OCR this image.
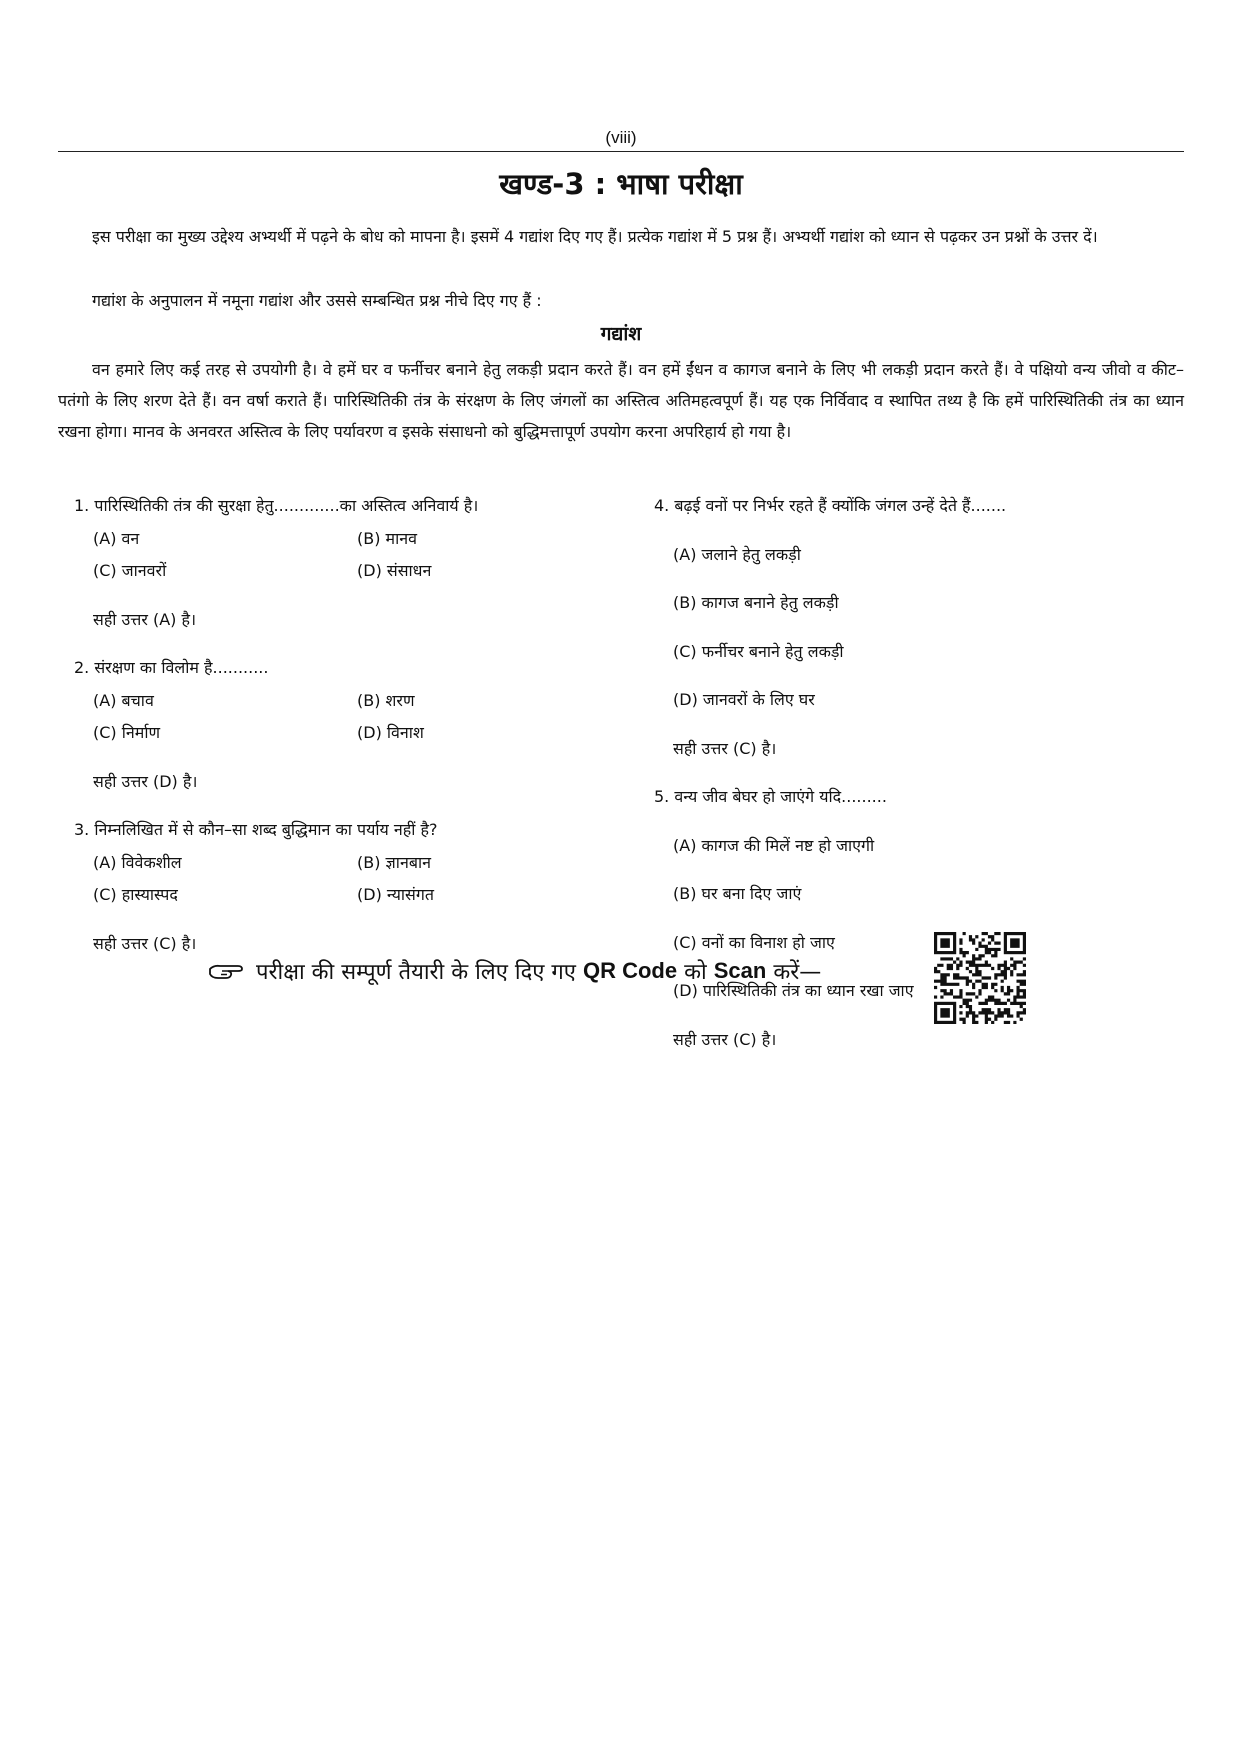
(viii)
खण्ड-3 : भाषा परीक्षा

इस परीक्षा का मुख्य उद्देश्य अभ्यर्थी में पढ़ने के बोध को मापना है। इसमें 4 गद्यांश दिए गए हैं। प्रत्येक गद्यांश में 5 प्रश्न हैं। अभ्यर्थी गद्यांश को ध्यान से पढ़कर उन प्रश्नों के उत्तर दें।

गद्यांश के अनुपालन में नमूना गद्यांश और उससे सम्बन्धित प्रश्न नीचे दिए गए हैं :

गद्यांश

वन हमारे लिए कई तरह से उपयोगी है। वे हमें घर व फर्नीचर बनाने हेतु लकड़ी प्रदान करते हैं। वन हमें ईंधन व कागज बनाने के लिए भी लकड़ी प्रदान करते हैं। वे पक्षियो वन्य जीवो व कीट–पतंगो के लिए शरण देते हैं। वन वर्षा कराते हैं। पारिस्थितिकी तंत्र के संरक्षण के लिए जंगलों का अस्तित्व अतिमहत्वपूर्ण हैं। यह एक निर्विवाद व स्थापित तथ्य है कि हमें पारिस्थितिकी तंत्र का ध्यान रखना होगा। मानव के अनवरत अस्तित्व के लिए पर्यावरण व इसके संसाधनो को बुद्धिमत्तापूर्ण उपयोग करना अपरिहार्य हो गया है।

1. पारिस्थितिकी तंत्र की सुरक्षा हेतु.............का अस्तित्व अनिवार्य है।

(A) वन	(B) मानव

(C) जानवरों	(D) संसाधन

सही उत्तर (A) है।

2. संरक्षण का विलोम है...........

(A) बचाव	(B) शरण

(C) निर्माण	(D) विनाश

सही उत्तर (D) है।

3. निम्नलिखित में से कौन–सा शब्द बुद्धिमान का पर्याय नहीं है?

(A) विवेकशील	(B) ज्ञानबान

(C) हास्यास्पद	(D) न्यासंगत

सही उत्तर (C) है।

4. बढ़ई वनों पर निर्भर रहते हैं क्योंकि जंगल उन्हें देते हैं.......

(A) जलाने हेतु लकड़ी

(B) कागज बनाने हेतु लकड़ी

(C) फर्नीचर बनाने हेतु लकड़ी

(D) जानवरों के लिए घर

सही उत्तर (C) है।

5. वन्य जीव बेघर हो जाएंगे यदि.........

(A) कागज की मिलें नष्ट हो जाएगी

(B) घर बना दिए जाएं

(C) वनों का विनाश हो जाए

(D) पारिस्थितिकी तंत्र का ध्यान रखा जाए

सही उत्तर (C) है।

परीक्षा की सम्पूर्ण तैयारी के लिए दिए गए
QR Code
को
Scan
करें—
